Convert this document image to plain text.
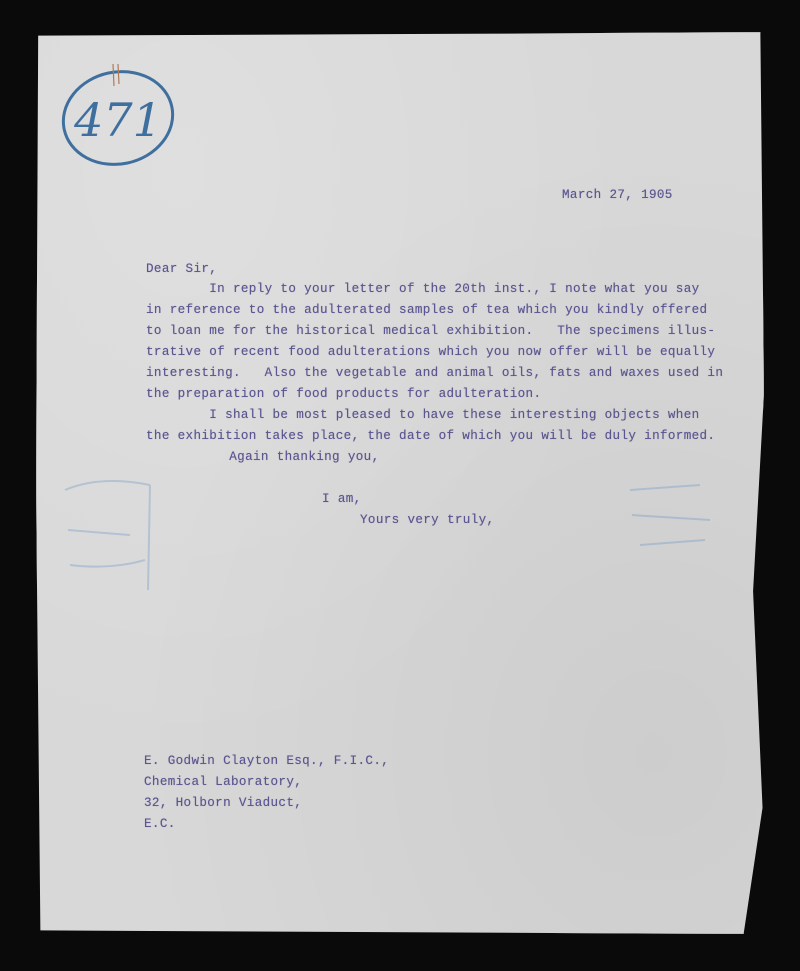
471
March 27, 1905
Dear Sir,
In reply to your letter of the 20th inst., I note what you say
in reference to the adulterated samples of tea which you kindly offered
to loan me for the historical medical exhibition.   The specimens illus-
trative of recent food adulterations which you now offer will be equally
interesting.   Also the vegetable and animal oils, fats and waxes used in
the preparation of food products for adulteration.
I shall be most pleased to have these interesting objects when
the exhibition takes place, the date of which you will be duly informed.
Again thanking you,
I am,
Yours very truly,
E. Godwin Clayton Esq., F.I.C.,
Chemical Laboratory,
32, Holborn Viaduct,
E.C.
